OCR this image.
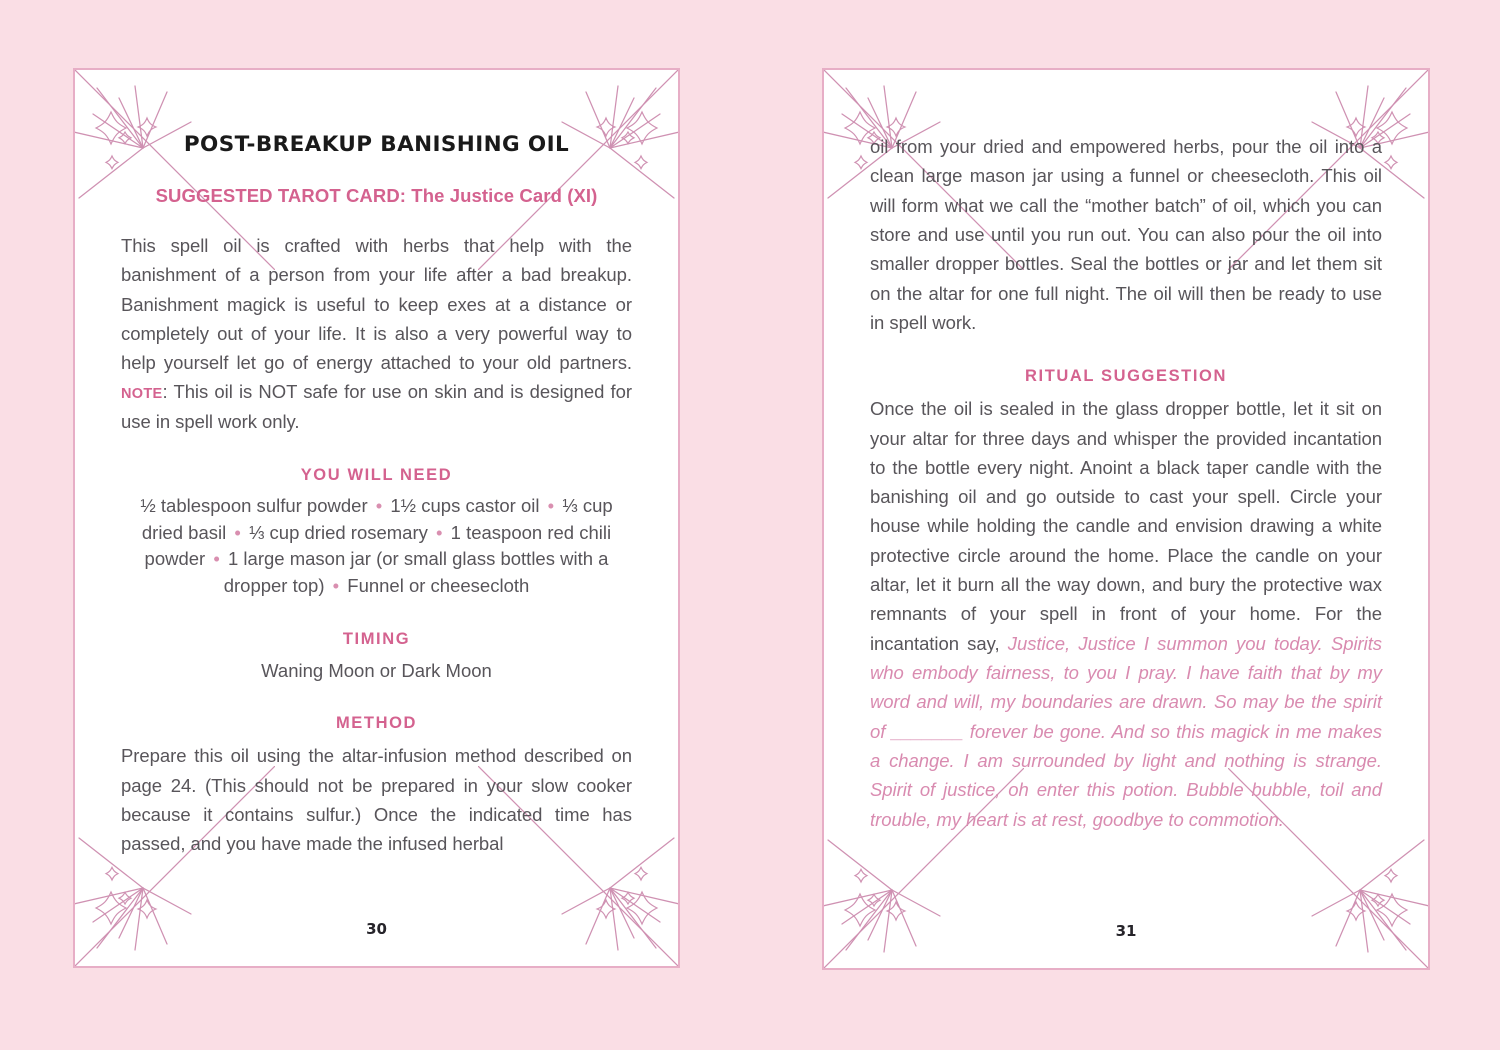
POST-BREAKUP BANISHING OIL
SUGGESTED TAROT CARD: The Justice Card (XI)

This spell oil is crafted with herbs that help with the banishment of a person from your life after a bad breakup. Banishment magick is useful to keep exes at a distance or completely out of your life. It is also a very powerful way to help yourself let go of energy attached to your old partners. NOTE: This oil is NOT safe for use on skin and is designed for use in spell work only.

YOU WILL NEED

½ tablespoon sulfur powder • 1½ cups castor oil • ⅓ cup dried basil • ⅓ cup dried rosemary • 1 teaspoon red chili powder • 1 large mason jar (or small glass bottles with a dropper top) • Funnel or cheesecloth

TIMING

Waning Moon or Dark Moon

METHOD

Prepare this oil using the altar-infusion method described on page 24. (This should not be prepared in your slow cooker because it contains sulfur.) Once the indicated time has passed, and you have made the infused herbal

30

oil from your dried and empowered herbs, pour the oil into a clean large mason jar using a funnel or cheesecloth. This oil will form what we call the “mother batch” of oil, which you can store and use until you run out. You can also pour the oil into smaller dropper bottles. Seal the bottles or jar and let them sit on the altar for one full night. The oil will then be ready to use in spell work.

RITUAL SUGGESTION

Once the oil is sealed in the glass dropper bottle, let it sit on your altar for three days and whisper the provided incantation to the bottle every night. Anoint a black taper candle with the banishing oil and go outside to cast your spell. Circle your house while holding the candle and envision drawing a white protective circle around the home. Place the candle on your altar, let it burn all the way down, and bury the protective wax remnants of your spell in front of your home. For the incantation say, Justice, Justice I summon you today. Spirits who embody fairness, to you I pray. I have faith that by my word and will, my boundaries are drawn. So may be the spirit of _______ forever be gone. And so this magick in me makes a change. I am surrounded by light and nothing is strange. Spirit of justice, oh enter this potion. Bubble bubble, toil and trouble, my heart is at rest, goodbye to commotion.

31
